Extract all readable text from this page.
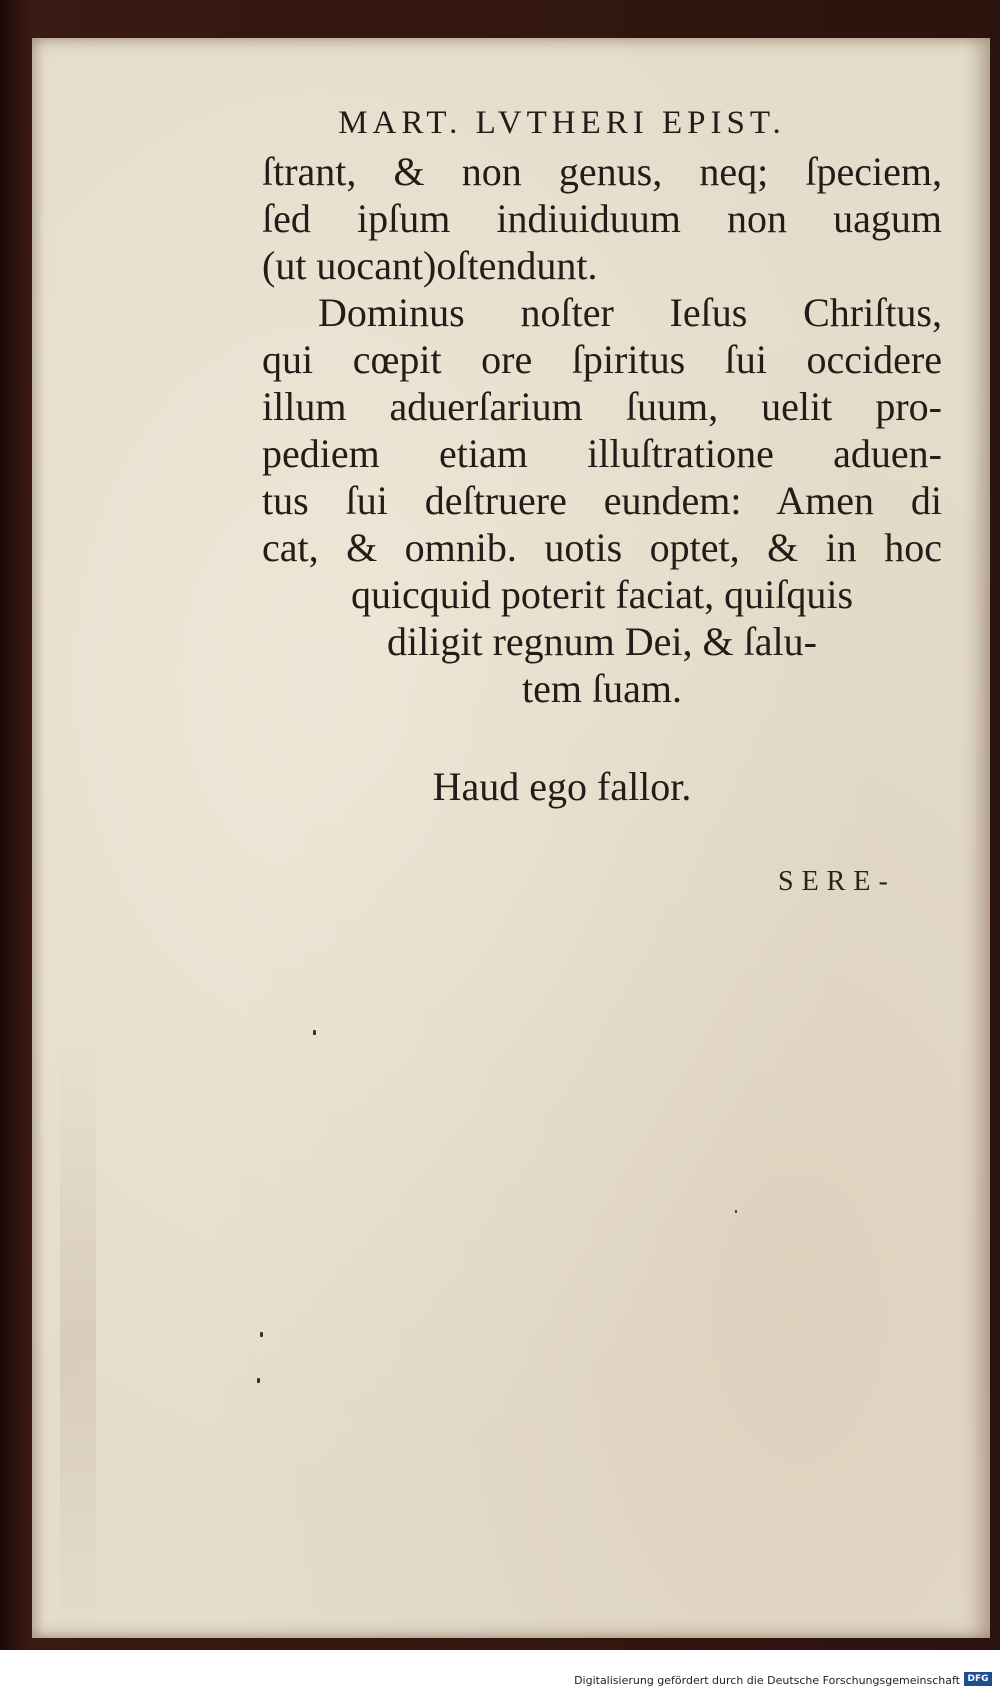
MART. LVTHERI EPIST.
ſtrant, & non genus, neq; ſpeciem,
ſed ipſum indiuiduum non uagum
(ut uocant)oſtendunt.
Dominus noſter Ieſus Chriſtus,
qui cœpit ore ſpiritus ſui occidere
illum aduerſarium ſuum, uelit pro-
pediem etiam illuſtratione aduen-
tus ſui deſtruere eundem: Amen di
cat, & omnib. uotis optet, & in hoc
quicquid poterit faciat, quiſquis
diligit regnum Dei, & ſalu-
tem ſuam.
Haud ego fallor.
SERE-
Digitalisierung gefördert durch die Deutsche Forschungsgemeinschaft DFG
